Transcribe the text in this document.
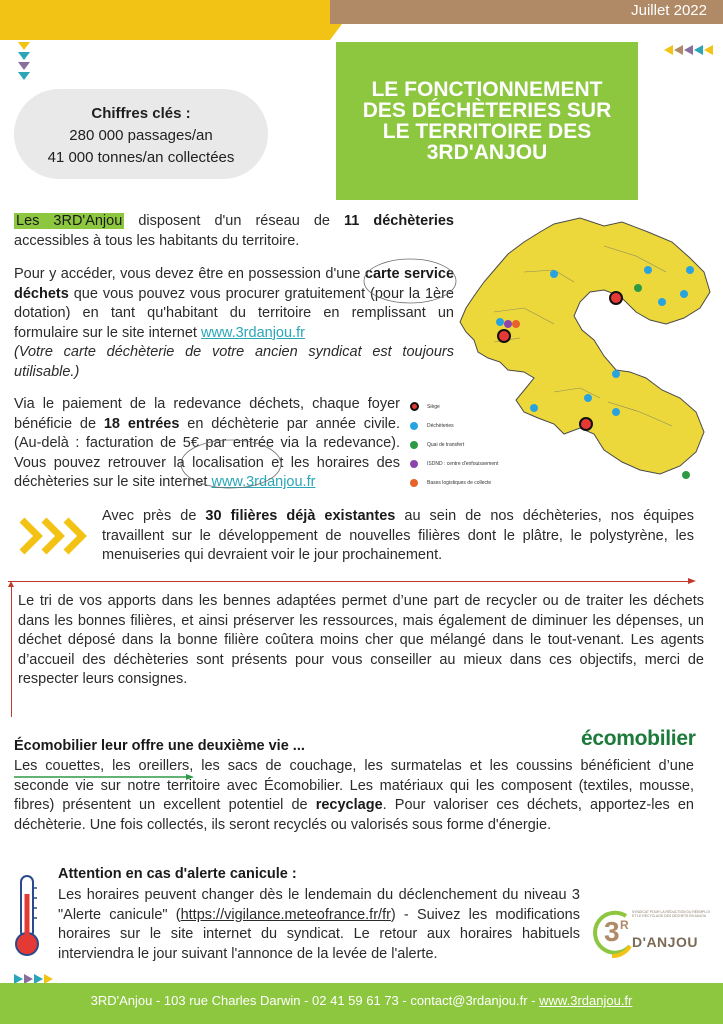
Juillet 2022
Chiffres clés :
280 000 passages/an
41 000 tonnes/an collectées
LE FONCTIONNEMENT
DES DÉCHÈTERIES SUR
LE TERRITOIRE DES
3RD'ANJOU
Les 3RD'Anjou disposent d'un réseau de 11 déchèteries accessibles à tous les habitants du territoire.
Pour y accéder, vous devez être en possession d'une carte service déchets que vous pouvez vous procurer gratuitement (pour la 1ère dotation) en tant qu'habitant du territoire en remplissant un formulaire sur le site internet www.3rdanjou.fr
(Votre carte déchèterie de votre ancien syndicat est toujours utilisable.)
Via le paiement de la redevance déchets, chaque foyer bénéficie de 18 entrées en déchèterie par année civile. (Au-delà : facturation de 5€ par entrée via la redevance). Vous pouvez retrouver la localisation et les horaires des déchèteries sur le site internet www.3rdanjou.fr
Siège
Déchèteries
Quai de transfert
ISDND : centre d'enfouissement
Bases logistiques de collecte
Avec près de 30 filières déjà existantes au sein de nos déchèteries, nos équipes travaillent sur le développement de nouvelles filières dont le plâtre, le polystyrène, les menuiseries qui devraient voir le jour prochainement.
Le tri de vos apports dans les bennes adaptées permet d’une part de recycler ou de traiter les déchets dans les bonnes filières, et ainsi préserver les ressources, mais également de diminuer les dépenses, un déchet déposé dans la bonne filière coûtera moins cher que mélangé dans le tout-venant. Les agents d’accueil des déchèteries sont présents pour vous conseiller au mieux dans ces objectifs, merci de respecter leurs consignes.
écomobilier
Écomobilier leur offre une deuxième vie ...
Les couettes, les oreillers, les sacs de couchage, les surmatelas et les coussins bénéficient d’une seconde vie sur notre territoire avec Écomobilier. Les matériaux qui les composent (textiles, mousse, fibres) présentent un excellent potentiel de recyclage. Pour valoriser ces déchets, apportez-les en déchèterie. Une fois collectés, ils seront recyclés ou valorisés sous forme d'énergie.
Attention en cas d'alerte canicule :
Les horaires peuvent changer dès le lendemain du déclenchement du niveau 3 "Alerte canicule" (https://vigilance.meteofrance.fr/fr) - Suivez les modifications horaires sur le site internet du syndicat. Le retour aux horaires habituels interviendra le jour suivant l'annonce de la levée de l'alerte.
3 R
D'ANJOU
SYNDICAT POUR LA RÉDUCTION DU RÉEMPLOI ET LE RECYCLAGE DES DÉCHETS EN ANJOU
3RD'Anjou - 103 rue Charles Darwin - 02 41 59 61 73 - contact@3rdanjou.fr - www.3rdanjou.fr
